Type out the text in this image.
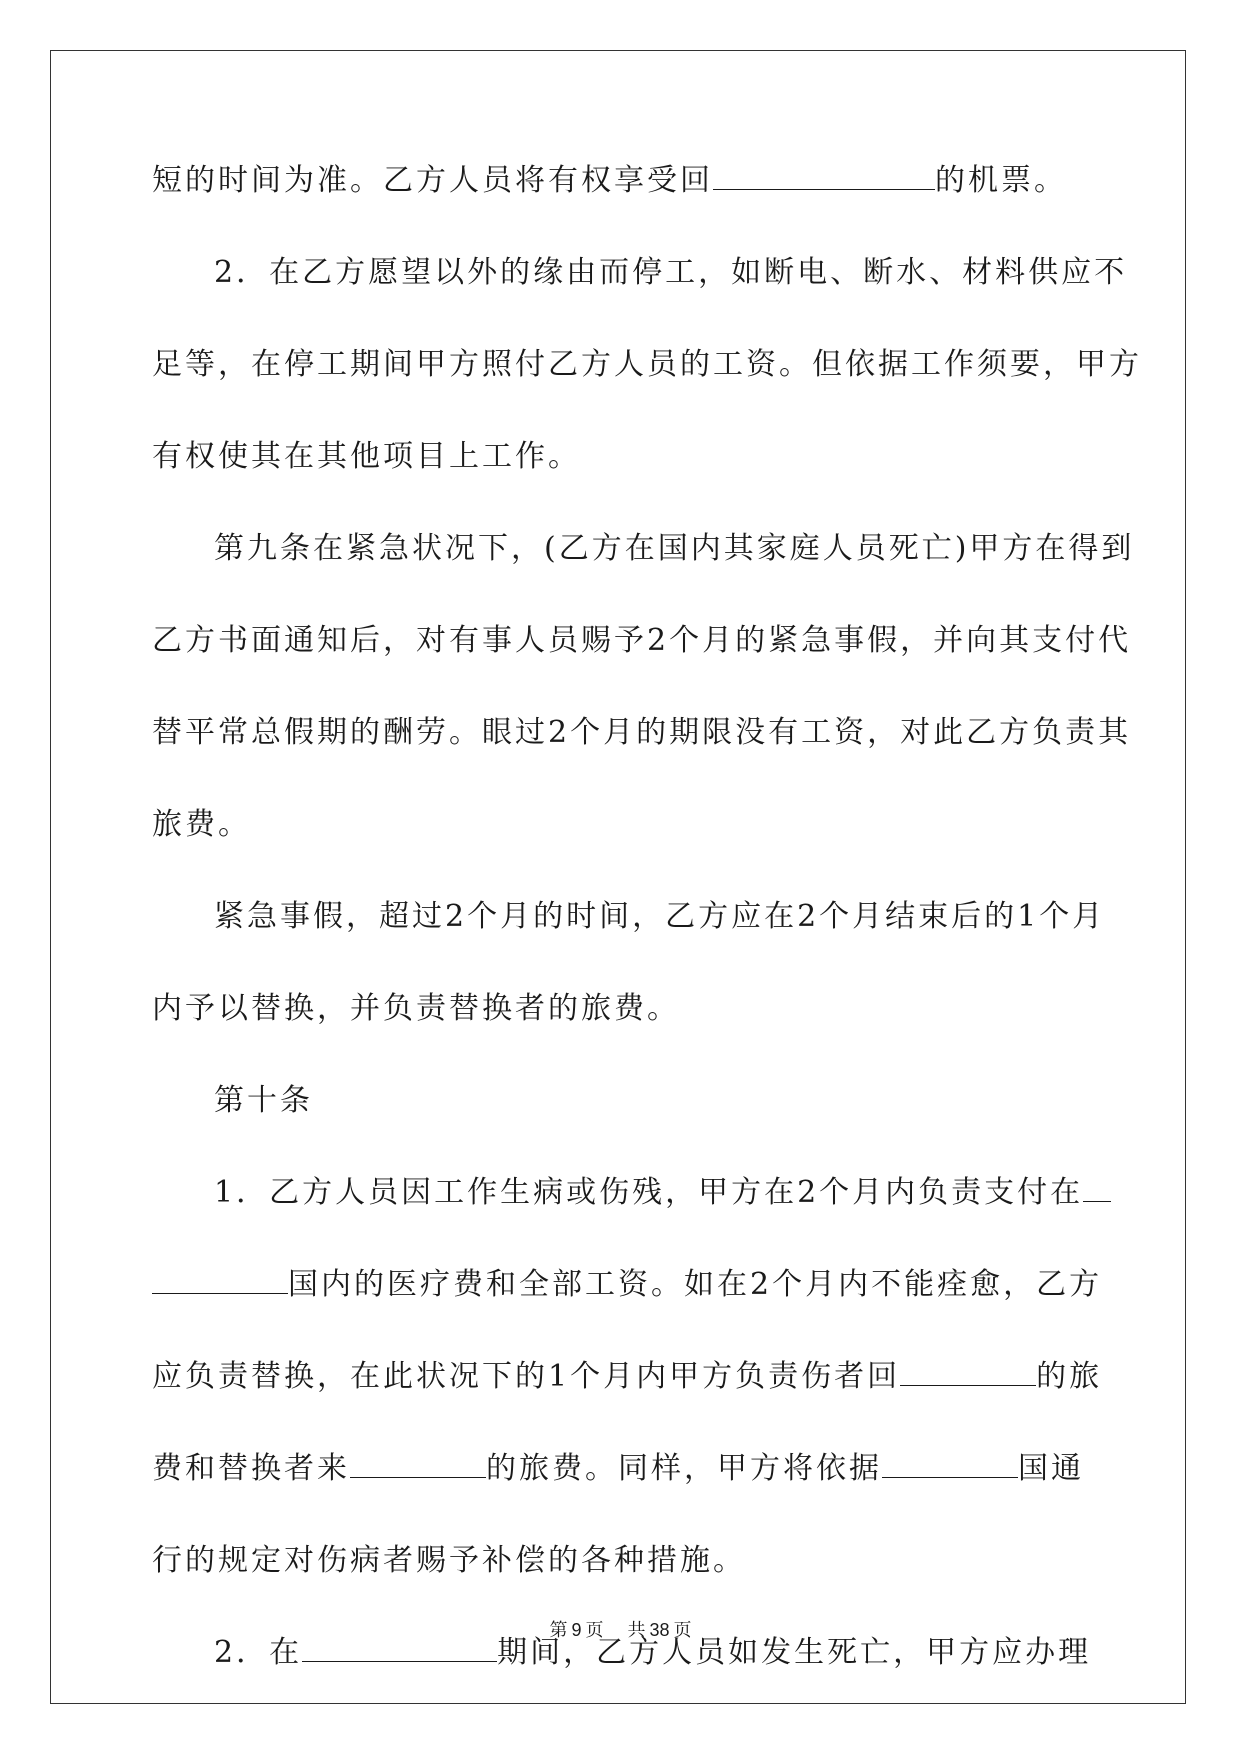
短的时间为准。乙方人员将有权享受回	的机票。
2．在乙方愿望以外的缘由而停工，如断电、断水、材料供应不
足等，在停工期间甲方照付乙方人员的工资。但依据工作须要，甲方
有权使其在其他项目上工作。
第九条在紧急状况下，(乙方在国内其家庭人员死亡)甲方在得到
乙方书面通知后，对有事人员赐予2个月的紧急事假，并向其支付代
替平常总假期的酬劳。眼过2个月的期限没有工资，对此乙方负责其
旅费。
紧急事假，超过2个月的时间，乙方应在2个月结束后的1个月
内予以替换，并负责替换者的旅费。
第十条
1．乙方人员因工作生病或伤残，甲方在2个月内负责支付在
国内的医疗费和全部工资。如在2个月内不能痊愈，乙方
应负责替换，在此状况下的1个月内甲方负责伤者回	的旅
费和替换者来	的旅费。同样，甲方将依据	国通
行的规定对伤病者赐予补偿的各种措施。
2．在	期间，乙方人员如发生死亡，甲方应办理
第 9 页 共 38 页
